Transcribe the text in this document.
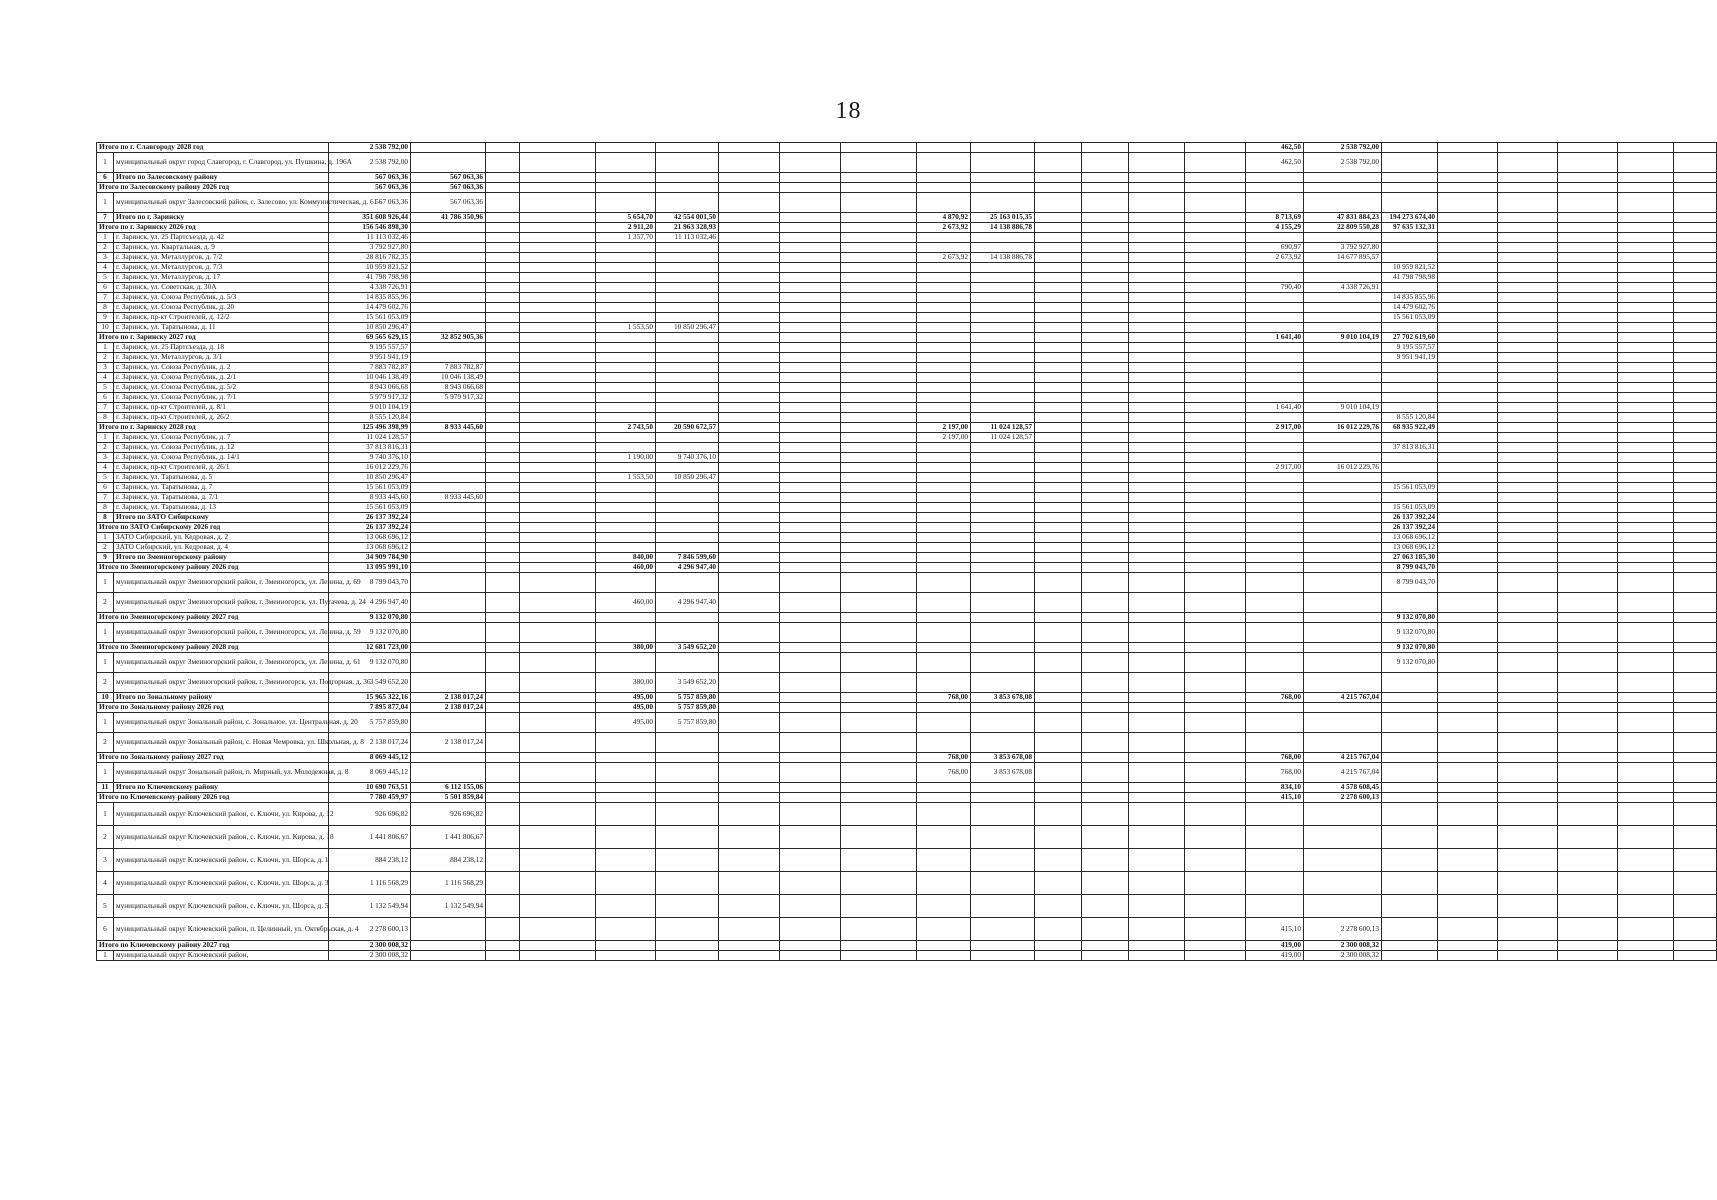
18
Итого по г. Славгороду 2028 год		2 538 792,00															462,50	2 538 792,00						
1	муниципальный округ город Славгород, г. Славгород, ул. Пушкина, д. 196А	2 538 792,00															462,50	2 538 792,00						
6	Итого по Залесовскому району	567 063,36	567 063,36																					
Итого по Залесовскому району 2026 год		567 063,36	567 063,36																					
1	муниципальный округ Залесовский район, с. Залесово, ул. Коммунистическая, д. 61	567 063,36	567 063,36																					
7	Итого по г. Заринску	351 608 926,44	41 786 350,96			5 654,70	42 554 001,50				4 870,92	25 163 015,35					8 713,69	47 831 884,23	194 273 674,40					
Итого по г. Заринску 2026 год		156 546 898,30				2 911,20	21 963 328,93				2 673,92	14 138 886,78					4 155,29	22 809 550,28	97 635 132,31					
1	г. Заринск, ул. 25 Партсъезда, д. 42	11 113 032,46				1 357,70	11 113 032,46																	
2	г. Заринск, ул. Квартальная, д. 9	3 792 927,80															690,97	3 792 927,80						
3	г. Заринск, ул. Металлургов, д. 7/2	28 816 782,35									2 673,92	14 138 886,78					2 673,92	14 677 895,57						
4	г. Заринск, ул. Металлургов, д. 7/3	10 959 821,52																	10 959 821,52					
5	г. Заринск, ул. Металлургов, д. 17	41 798 798,98																	41 798 798,98					
6	г. Заринск, ул. Советская, д. 30А	4 338 726,91															790,40	4 338 726,91						
7	г. Заринск, ул. Союза Республик, д. 5/3	14 835 855,96																	14 835 855,96					
8	г. Заринск, ул. Союза Республик, д. 20	14 479 602,76																	14 479 602,76					
9	г. Заринск, пр-кт Строителей, д. 12/2	15 561 053,09																	15 561 053,09					
10	г. Заринск, ул. Таратынова, д. 11	10 850 296,47				1 553,50	10 850 296,47																	
Итого по г. Заринску 2027 год		69 565 629,15	32 852 905,36														1 641,40	9 010 104,19	27 702 619,60					
1	г. Заринск, ул. 25 Партсъезда, д. 18	9 195 557,57																	9 195 557,57					
2	г. Заринск, ул. Металлургов, д. 3/1	9 951 941,19																	9 951 941,19					
3	г. Заринск, ул. Союза Республик, д. 2	7 883 782,87	7 883 782,87																					
4	г. Заринск, ул. Союза Республик, д. 2/1	10 046 138,49	10 046 138,49																					
5	г. Заринск, ул. Союза Республик, д. 5/2	8 943 066,68	8 943 066,68																					
6	г. Заринск, ул. Союза Республик, д. 7/1	5 979 917,32	5 979 917,32																					
7	г. Заринск, пр-кт Строителей, д. 8/1	9 010 104,19															1 641,40	9 010 104,19						
8	г. Заринск, пр-кт Строителей, д. 26/2	8 555 120,84																	8 555 120,84					
Итого по г. Заринску 2028 год		125 496 398,99	8 933 445,60			2 743,50	20 590 672,57				2 197,00	11 024 128,57					2 917,00	16 012 229,76	68 935 922,49					
1	г. Заринск, ул. Союза Республик, д. 7	11 024 128,57									2 197,00	11 024 128,57												
2	г. Заринск, ул. Союза Республик, д. 12	37 813 816,31																	37 813 816,31					
3	г. Заринск, ул. Союза Республик, д. 14/1	9 740 376,10				1 190,00	9 740 376,10																	
4	г. Заринск, пр-кт Строителей, д. 26/1	16 012 229,76															2 917,00	16 012 229,76						
5	г. Заринск, ул. Таратынова, д. 5	10 850 296,47				1 553,50	10 850 296,47																	
6	г. Заринск, ул. Таратынова, д. 7	15 561 053,09																	15 561 053,09					
7	г. Заринск, ул. Таратынова, д. 7/1	8 933 445,60	8 933 445,60																					
8	г. Заринск, ул. Таратынова, д. 13	15 561 053,09																	15 561 053,09					
8	Итого по ЗАТО Сибирскому	26 137 392,24																	26 137 392,24					
Итого по ЗАТО Сибирскому 2026 год		26 137 392,24																	26 137 392,24					
1	ЗАТО Сибирский, ул. Кедровая, д. 2	13 068 696,12																	13 068 696,12					
2	ЗАТО Сибирский, ул. Кедровая, д. 4	13 068 696,12																	13 068 696,12					
9	Итого по Змеиногорскому району	34 909 784,90				840,00	7 846 599,60												27 063 185,30					
Итого по Змеиногорскому району 2026 год		13 095 991,10				460,00	4 296 947,40												8 799 043,70					
1	муниципальный округ Змеиногорский район, г. Змеиногорск, ул. Ленина, д. 69	8 799 043,70																	8 799 043,70					
2	муниципальный округ Змеиногорский район, г. Змеиногорск, ул. Пугачева, д. 24	4 296 947,40				460,00	4 296 947,40																	
Итого по Змеиногорскому району 2027 год		9 132 070,80																	9 132 070,80					
1	муниципальный округ Змеиногорский район, г. Змеиногорск, ул. Ленина, д. 59	9 132 070,80																	9 132 070,80					
Итого по Змеиногорскому району 2028 год		12 681 723,00				380,00	3 549 652,20												9 132 070,80					
1	муниципальный округ Змеиногорский район, г. Змеиногорск, ул. Ленина, д. 61	9 132 070,80																	9 132 070,80					
2	муниципальный округ Змеиногорский район, г. Змеиногорск, ул. Подгорная, д. 36	3 549 652,20				380,00	3 549 652,20																	
10	Итого по Зональному району	15 965 322,16	2 138 017,24			495,00	5 757 859,80				768,00	3 853 678,08					768,00	4 215 767,04						
Итого по Зональному району 2026 год		7 895 877,04	2 138 017,24			495,00	5 757 859,80																	
1	муниципальный округ Зональный район, с. Зональное, ул. Центральная, д. 20	5 757 859,80				495,00	5 757 859,80																	
2	муниципальный округ Зональный район, с. Новая Чемровка, ул. Школьная, д. 8	2 138 017,24	2 138 017,24																					
Итого по Зональному району 2027 год		8 069 445,12									768,00	3 853 678,08					768,00	4 215 767,04						
1	муниципальный округ Зональный район, п. Мирный, ул. Молодежная, д. 8	8 069 445,12									768,00	3 853 678,08					768,00	4 215 767,04						
11	Итого по Ключевскому району	10 690 763,51	6 112 155,06														834,10	4 578 608,45						
Итого по Ключевскому району 2026 год		7 780 459,97	5 501 859,84														415,10	2 278 600,13						
1	муниципальный округ Ключевский район, с. Ключи, ул. Кирова, д. 12	926 696,82	926 696,82																					
2	муниципальный округ Ключевский район, с. Ключи, ул. Кирова, д. 18	1 441 806,67	1 441 806,67																					
3	муниципальный округ Ключевский район, с. Ключи, ул. Шорса, д. 1	884 238,12	884 238,12																					
4	муниципальный округ Ключевский район, с. Ключи, ул. Шорса, д. 3	1 116 568,29	1 116 568,29																					
5	муниципальный округ Ключевский район, с. Ключи, ул. Шорса, д. 5	1 132 549,94	1 132 549,94																					
6	муниципальный округ Ключевский район, п. Целинный, ул. Октябрьская, д. 4	2 278 600,13															415,10	2 278 600,13						
Итого по Ключевскому району 2027 год		2 300 008,32															419,00	2 300 008,32						
1	муниципальный округ Ключевский район,	2 300 008,32															419,00	2 300 008,32						
